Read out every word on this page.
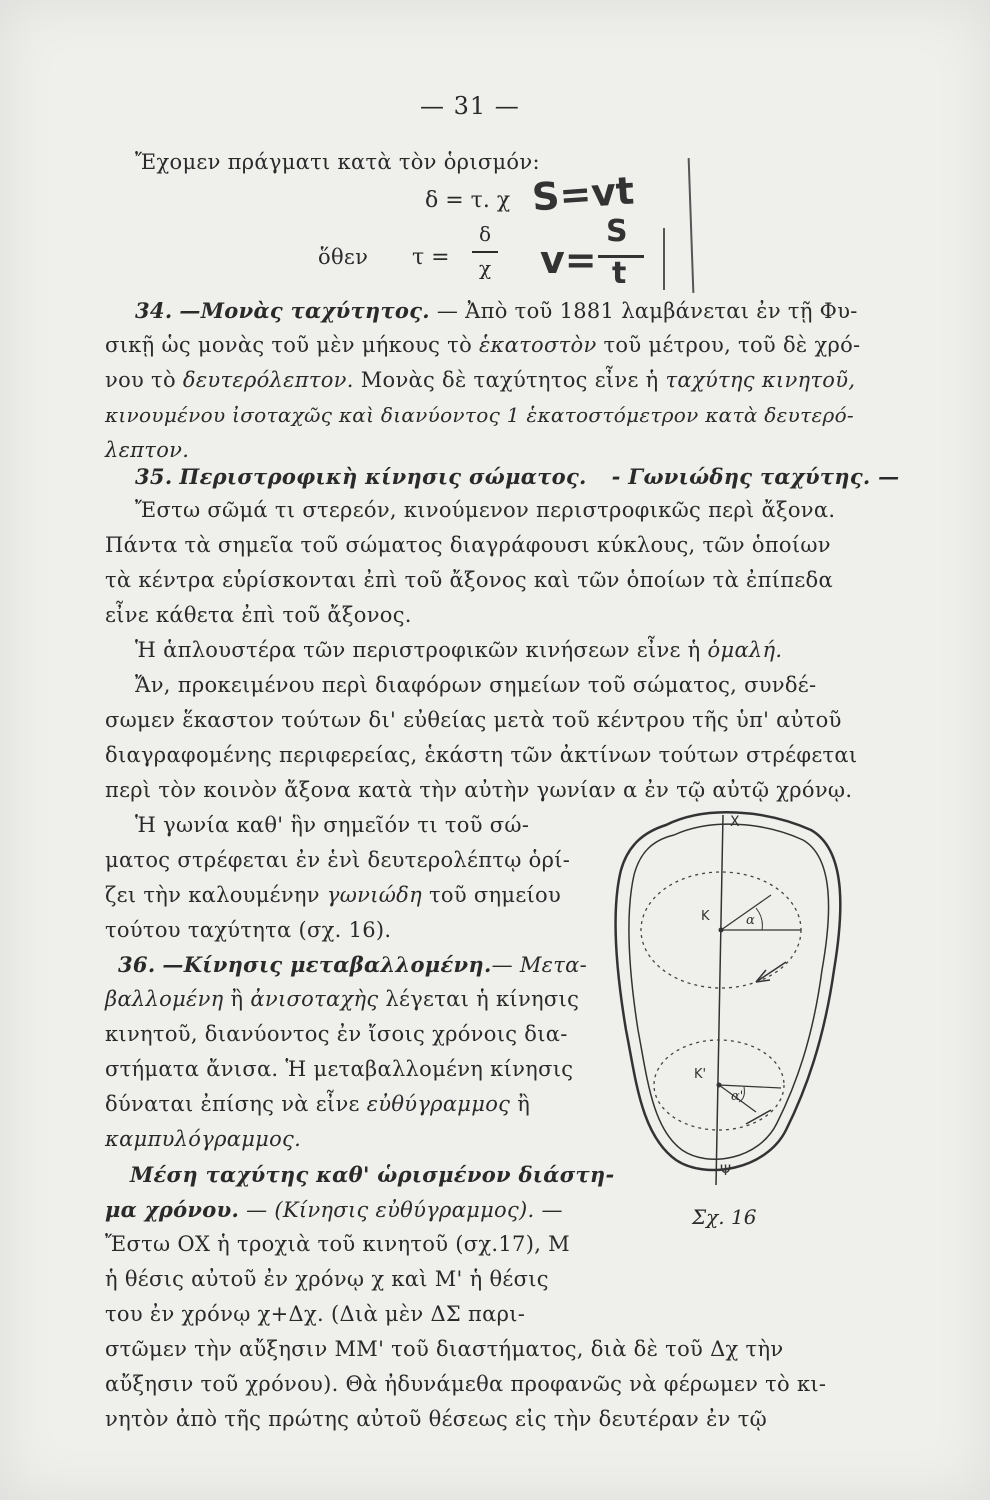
— 31 —
Ἔχομεν πράγματι κατὰ τὸν ὁρισμόν:
δ = τ. χ
ὅθεν τ =
δ
χ
S=vt
v=
S
t
34. —Μονὰς ταχύτητος. — Ἀπὸ τοῦ 1881 λαμβάνεται ἐν τῇ Φυ-
σικῇ ὡς μονὰς τοῦ μὲν μήκους τὸ ἑκατοστὸν τοῦ μέτρου, τοῦ δὲ χρό-
νου τὸ δευτερόλεπτον. Μονὰς δὲ ταχύτητος εἶνε ἡ ταχύτης κινητοῦ,
κινουμένου ἰσοταχῶς καὶ διανύοντος 1 ἑκατοστόμετρον κατὰ δευτερό-
λεπτον.
35. Περιστροφικὴ κίνησις σώματος. - Γωνιώδης ταχύτης. —
Ἔστω σῶμά τι στερεόν, κινούμενον περιστροφικῶς περὶ ἄξονα.
Πάντα τὰ σημεῖα τοῦ σώματος διαγράφουσι κύκλους, τῶν ὁποίων
τὰ κέντρα εὑρίσκονται ἐπὶ τοῦ ἄξονος καὶ τῶν ὁποίων τὰ ἐπίπεδα
εἶνε κάθετα ἐπὶ τοῦ ἄξονος.
Ἡ ἁπλουστέρα τῶν περιστροφικῶν κινήσεων εἶνε ἡ ὁμαλή.
Ἄν, προκειμένου περὶ διαφόρων σημείων τοῦ σώματος, συνδέ-
σωμεν ἕκαστον τούτων δι' εὐθείας μετὰ τοῦ κέντρου τῆς ὑπ' αὐτοῦ
διαγραφομένης περιφερείας, ἑκάστη τῶν ἀκτίνων τούτων στρέφεται
περὶ τὸν κοινὸν ἄξονα κατὰ τὴν αὐτὴν γωνίαν α ἐν τῷ αὐτῷ χρόνῳ.
Ἡ γωνία καθ' ἣν σημεῖόν τι τοῦ σώ-
ματος στρέφεται ἐν ἑνὶ δευτερολέπτῳ ὁρί-
ζει τὴν καλουμένην γωνιώδη τοῦ σημείου
τούτου ταχύτητα (σχ. 16).
36. —Κίνησις μεταβαλλομένη.— Μετα-
βαλλομένη ἢ ἀνισοταχὴς λέγεται ἡ κίνησις
κινητοῦ, διανύοντος ἐν ἴσοις χρόνοις δια-
στήματα ἄνισα. Ἡ μεταβαλλομένη κίνησις
δύναται ἐπίσης νὰ εἶνε εὐθύγραμμος ἢ
καμπυλόγραμμος.
Μέση ταχύτης καθ' ὡρισμένον διάστη-
μα χρόνου. — (Κίνησις εὐθύγραμμος). —
Ἔστω ΟΧ ἡ τροχιὰ τοῦ κινητοῦ (σχ.17), Μ
ἡ θέσις αὐτοῦ ἐν χρόνῳ χ καὶ Μ' ἡ θέσις
του ἐν χρόνῳ χ+Δχ. (Διὰ μὲν ΔΣ παρι-
στῶμεν τὴν αὔξησιν ΜΜ' τοῦ διαστήματος, διὰ δὲ τοῦ Δχ τὴν
αὔξησιν τοῦ χρόνου). Θὰ ἠδυνάμεθα προφανῶς νὰ φέρωμεν τὸ κι-
νητὸν ἀπὸ τῆς πρώτης αὐτοῦ θέσεως εἰς τὴν δευτέραν ἐν τῷ
X
Ψ
K
K'
α
α'
Σχ. 16
